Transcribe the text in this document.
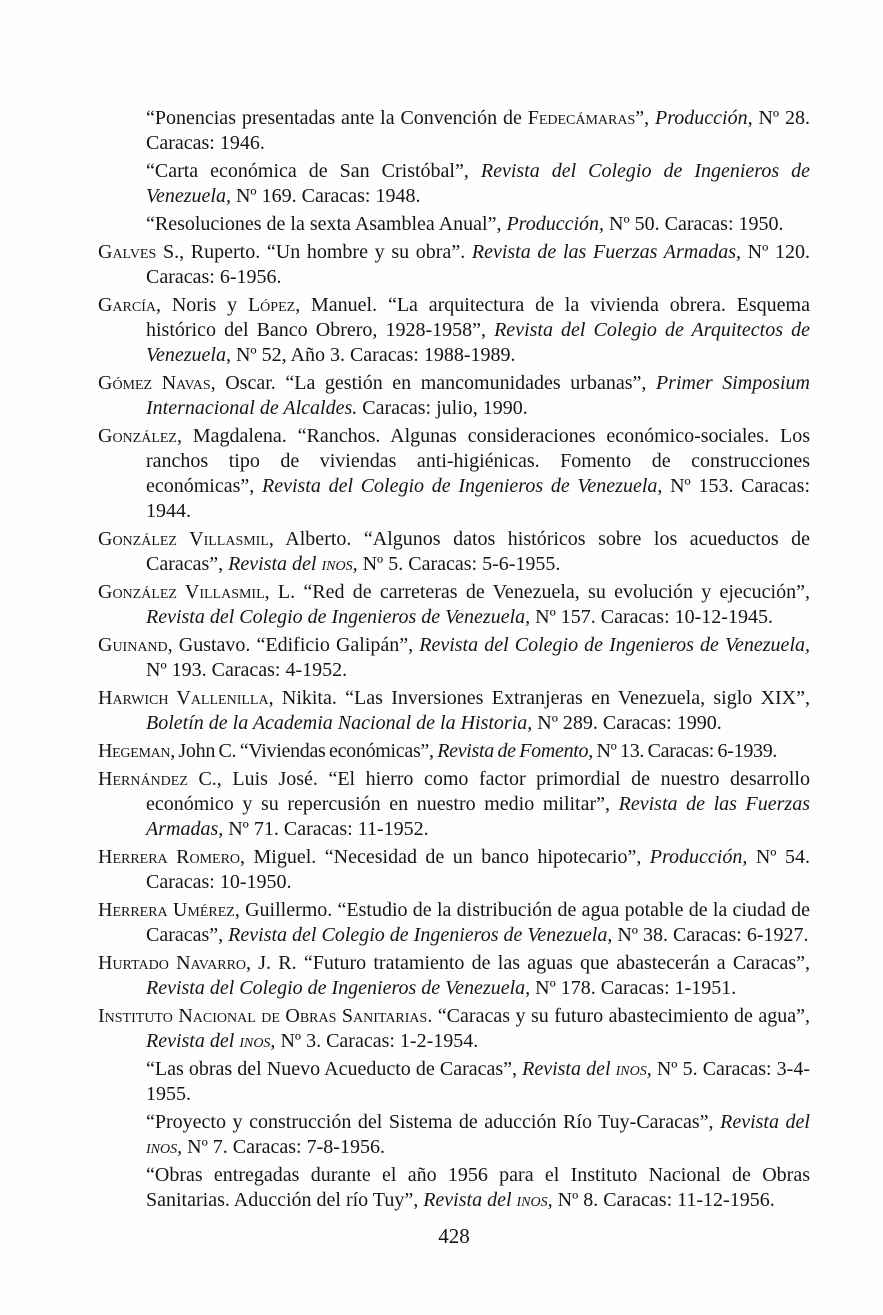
“Ponencias presentadas ante la Convención de Fedecámaras”, Producción, Nº 28. Caracas: 1946.

“Carta económica de San Cristóbal”, Revista del Colegio de Ingenieros de Venezuela, Nº 169. Caracas: 1948.

“Resoluciones de la sexta Asamblea Anual”, Producción, Nº 50. Caracas: 1950.

Galves S., Ruperto. “Un hombre y su obra”. Revista de las Fuerzas Armadas, Nº 120. Caracas: 6-1956.

García, Noris y López, Manuel. “La arquitectura de la vivienda obrera. Esquema histórico del Banco Obrero, 1928-1958”, Revista del Colegio de Arquitectos de Venezuela, Nº 52, Año 3. Caracas: 1988-1989.

Gómez Navas, Oscar. “La gestión en mancomunidades urbanas”, Primer Simposium Internacional de Alcaldes. Caracas: julio, 1990.

González, Magdalena. “Ranchos. Algunas consideraciones económico-sociales. Los ranchos tipo de viviendas anti-higiénicas. Fomento de construcciones económicas”, Revista del Colegio de Ingenieros de Venezuela, Nº 153. Caracas: 1944.

González Villasmil, Alberto. “Algunos datos históricos sobre los acueductos de Caracas”, Revista del inos, Nº 5. Caracas: 5-6-1955.

González Villasmil, L. “Red de carreteras de Venezuela, su evolución y ejecución”, Revista del Colegio de Ingenieros de Venezuela, Nº 157. Caracas: 10-12-1945.

Guinand, Gustavo. “Edificio Galipán”, Revista del Colegio de Ingenieros de Venezuela, Nº 193. Caracas: 4-1952.

Harwich Vallenilla, Nikita. “Las Inversiones Extranjeras en Venezuela, siglo XIX”, Boletín de la Academia Nacional de la Historia, Nº 289. Caracas: 1990.

Hegeman, John C. “Viviendas económicas”, Revista de Fomento, Nº 13. Caracas: 6-1939.

Hernández C., Luis José. “El hierro como factor primordial de nuestro desarrollo económico y su repercusión en nuestro medio militar”, Revista de las Fuerzas Armadas, Nº 71. Caracas: 11-1952.

Herrera Romero, Miguel. “Necesidad de un banco hipotecario”, Producción, Nº 54. Caracas: 10-1950.

Herrera Umérez, Guillermo. “Estudio de la distribución de agua potable de la ciudad de Caracas”, Revista del Colegio de Ingenieros de Venezuela, Nº 38. Caracas: 6-1927.

Hurtado Navarro, J. R. “Futuro tratamiento de las aguas que abastecerán a Caracas”, Revista del Colegio de Ingenieros de Venezuela, Nº 178. Caracas: 1-1951.

Instituto Nacional de Obras Sanitarias. “Caracas y su futuro abastecimiento de agua”, Revista del inos, Nº 3. Caracas: 1-2-1954.

“Las obras del Nuevo Acueducto de Caracas”, Revista del inos, Nº 5. Caracas: 3-4-1955.

“Proyecto y construcción del Sistema de aducción Río Tuy-Caracas”, Revista del inos, Nº 7. Caracas: 7-8-1956.

“Obras entregadas durante el año 1956 para el Instituto Nacional de Obras Sanitarias. Aducción del río Tuy”, Revista del inos, Nº 8. Caracas: 11-12-1956.

428
